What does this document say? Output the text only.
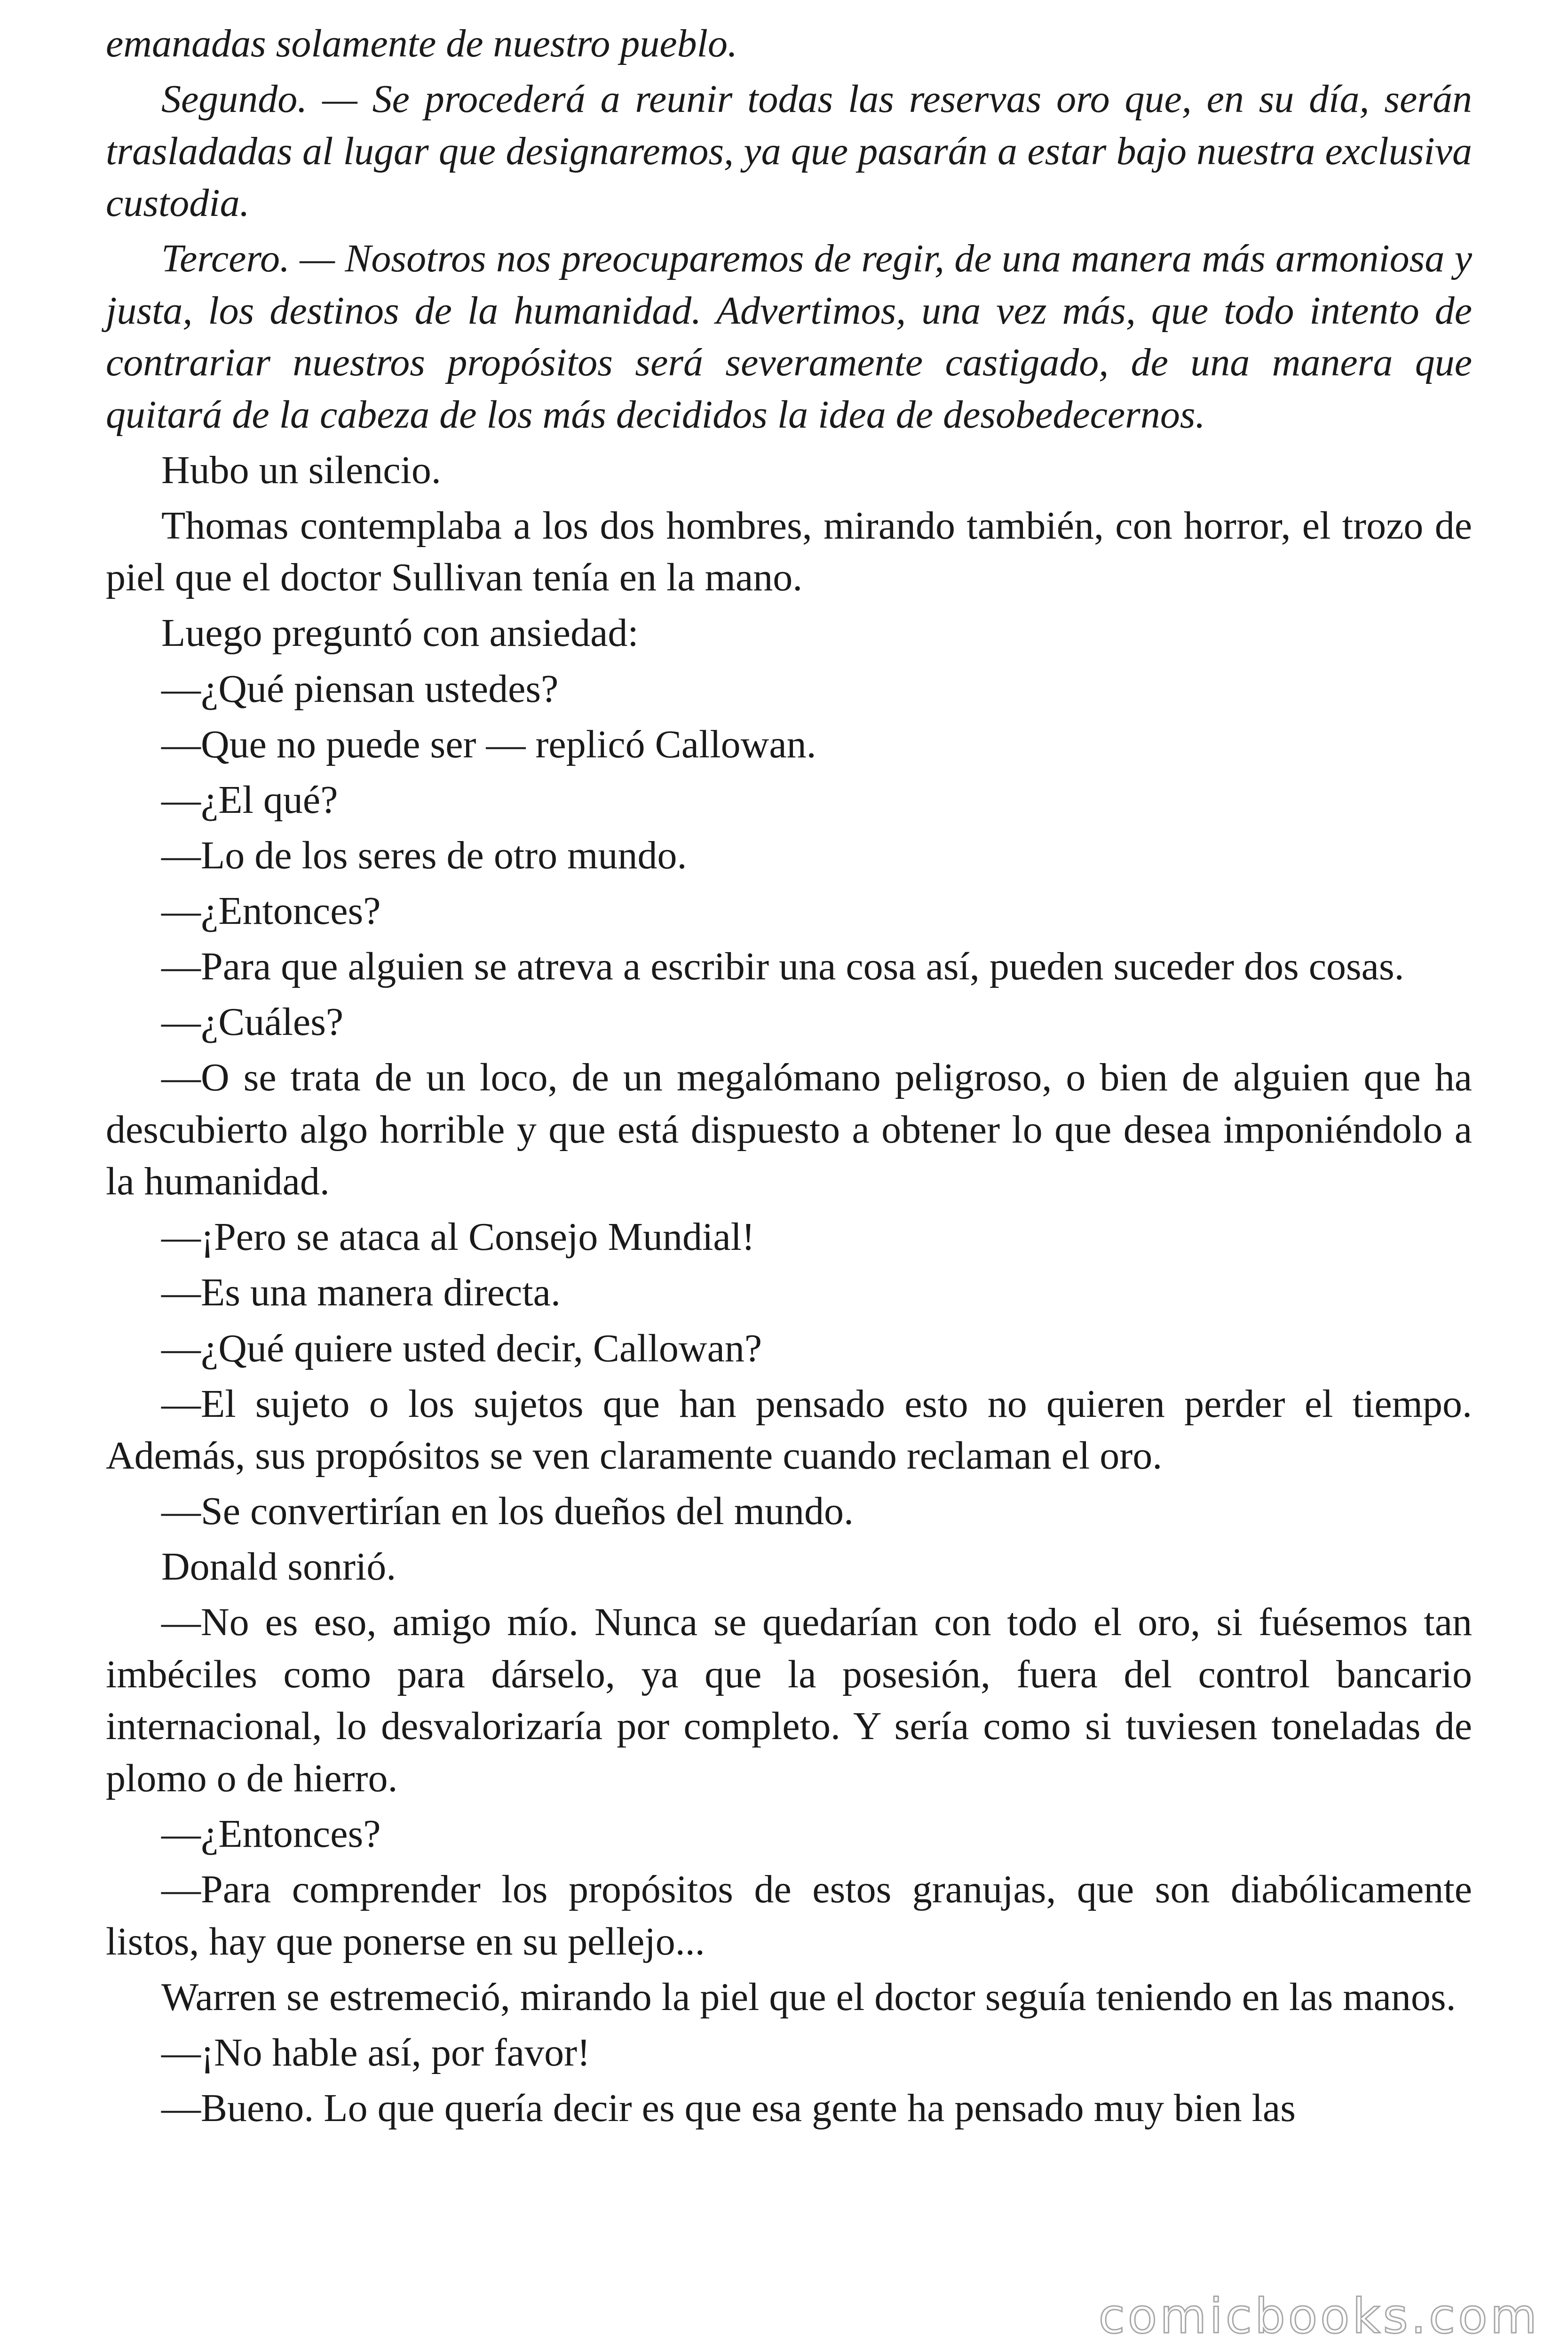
emanadas solamente de nuestro pueblo.

Segundo. — Se procederá a reunir todas las reservas oro que, en su día, serán trasladadas al lugar que designaremos, ya que pasarán a estar bajo nuestra exclusiva custodia.

Tercero. — Nosotros nos preocuparemos de regir, de una manera más armoniosa y justa, los destinos de la humanidad. Advertimos, una vez más, que todo intento de contrariar nuestros propósitos será severamente castigado, de una manera que quitará de la cabeza de los más decididos la idea de desobedecernos.

Hubo un silencio.

Thomas contemplaba a los dos hombres, mirando también, con horror, el trozo de piel que el doctor Sullivan tenía en la mano.

Luego preguntó con ansiedad:

—¿Qué piensan ustedes?

—Que no puede ser — replicó Callowan.

—¿El qué?

—Lo de los seres de otro mundo.

—¿Entonces?

—Para que alguien se atreva a escribir una cosa así, pueden suceder dos cosas.

—¿Cuáles?

—O se trata de un loco, de un megalómano peligroso, o bien de alguien que ha descubierto algo horrible y que está dispuesto a obtener lo que desea imponiéndolo a la humanidad.

—¡Pero se ataca al Consejo Mundial!

—Es una manera directa.

—¿Qué quiere usted decir, Callowan?

—El sujeto o los sujetos que han pensado esto no quieren perder el tiempo. Además, sus propósitos se ven claramente cuando reclaman el oro.

—Se convertirían en los dueños del mundo.

Donald sonrió.

—No es eso, amigo mío. Nunca se quedarían con todo el oro, si fuésemos tan imbéciles como para dárselo, ya que la posesión, fuera del control bancario internacional, lo desvalorizaría por completo. Y sería como si tuviesen toneladas de plomo o de hierro.

—¿Entonces?

—Para comprender los propósitos de estos granujas, que son diabólicamente listos, hay que ponerse en su pellejo...

Warren se estremeció, mirando la piel que el doctor seguía teniendo en las manos.

—¡No hable así, por favor!

—Bueno. Lo que quería decir es que esa gente ha pensado muy bien las

comicbooks.com
